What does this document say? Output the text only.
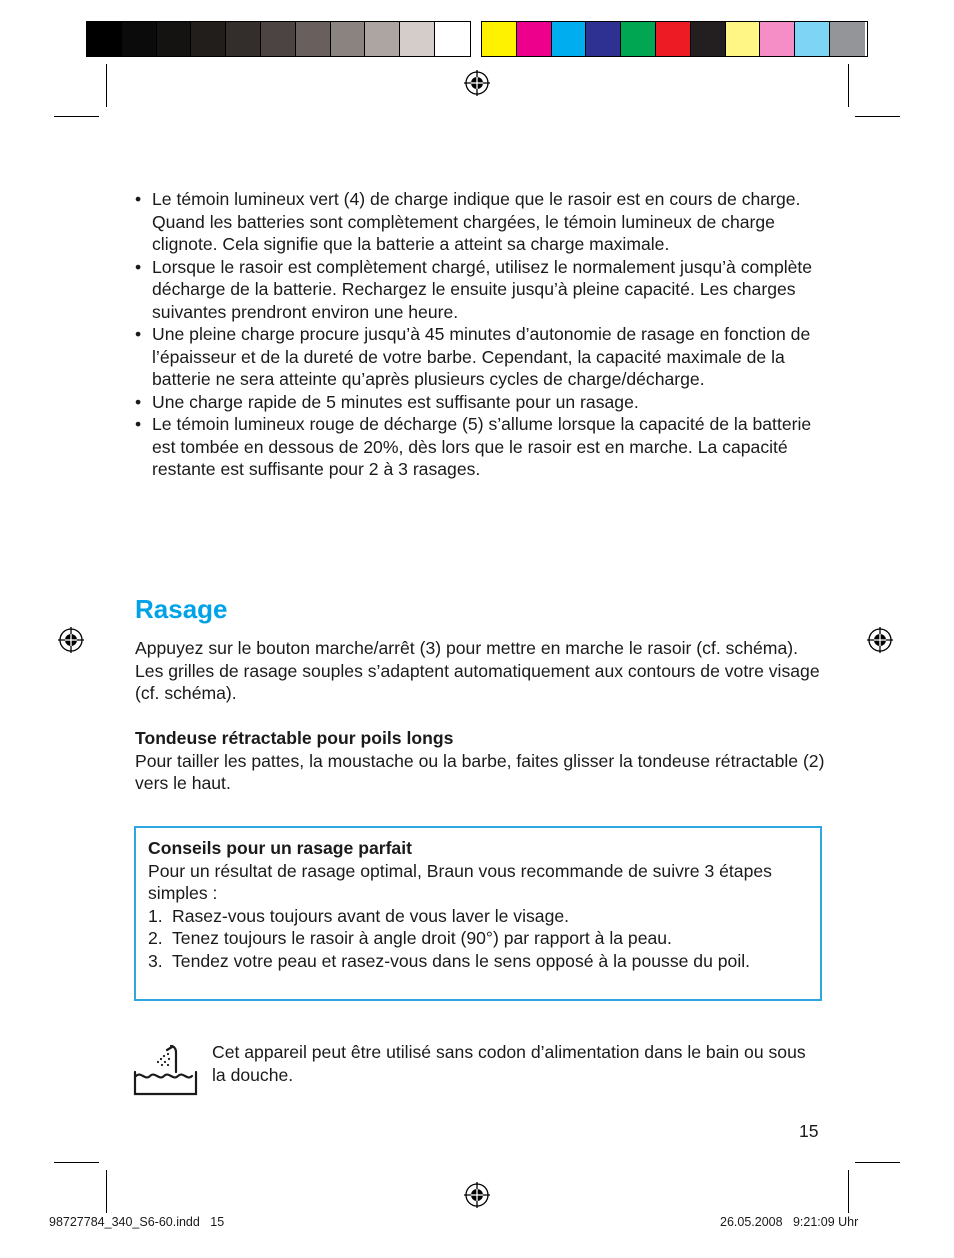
• Le témoin lumineux vert (4) de charge indique que le rasoir est en cours de charge. Quand les batteries sont complètement chargées, le témoin lumineux de charge clignote. Cela signifie que la batterie a atteint sa charge maximale.
• Lorsque le rasoir est complètement chargé, utilisez le normalement jusqu’à complète décharge de la batterie. Rechargez le ensuite jusqu’à pleine capacité. Les charges suivantes prendront environ une heure.
• Une pleine charge procure jusqu’à 45 minutes d’autonomie de rasage en fonction de l’épaisseur et de la dureté de votre barbe. Cependant, la capacité maximale de la batterie ne sera atteinte qu’après plusieurs cycles de charge/décharge.
• Une charge rapide de 5 minutes est suffisante pour un rasage.
• Le témoin lumineux rouge de décharge (5) s’allume lorsque la capacité de la batterie est tombée en dessous de 20%, dès lors que le rasoir est en marche. La capacité restante est suffisante pour 2 à 3 rasages.
Rasage

Appuyez sur le bouton marche/arrêt (3) pour mettre en marche le rasoir (cf. schéma). Les grilles de rasage souples s’adaptent automatiquement aux contours de votre visage (cf. schéma).

Tondeuse rétractable pour poils longs
Pour tailler les pattes, la moustache ou la barbe, faites glisser la tondeuse rétractable (2) vers le haut.
Conseils pour un rasage parfait
Pour un résultat de rasage optimal, Braun vous recommande de suivre 3 étapes simples :
1. Rasez-vous toujours avant de vous laver le visage.
2. Tenez toujours le rasoir à angle droit (90°) par rapport à la peau.
3. Tendez votre peau et rasez-vous dans le sens opposé à la pousse du poil.

Cet appareil peut être utilisé sans codon d’alimentation dans le bain ou sous la douche.

15
98727784_340_S6-60.indd   15	26.05.2008   9:21:09 Uhr
